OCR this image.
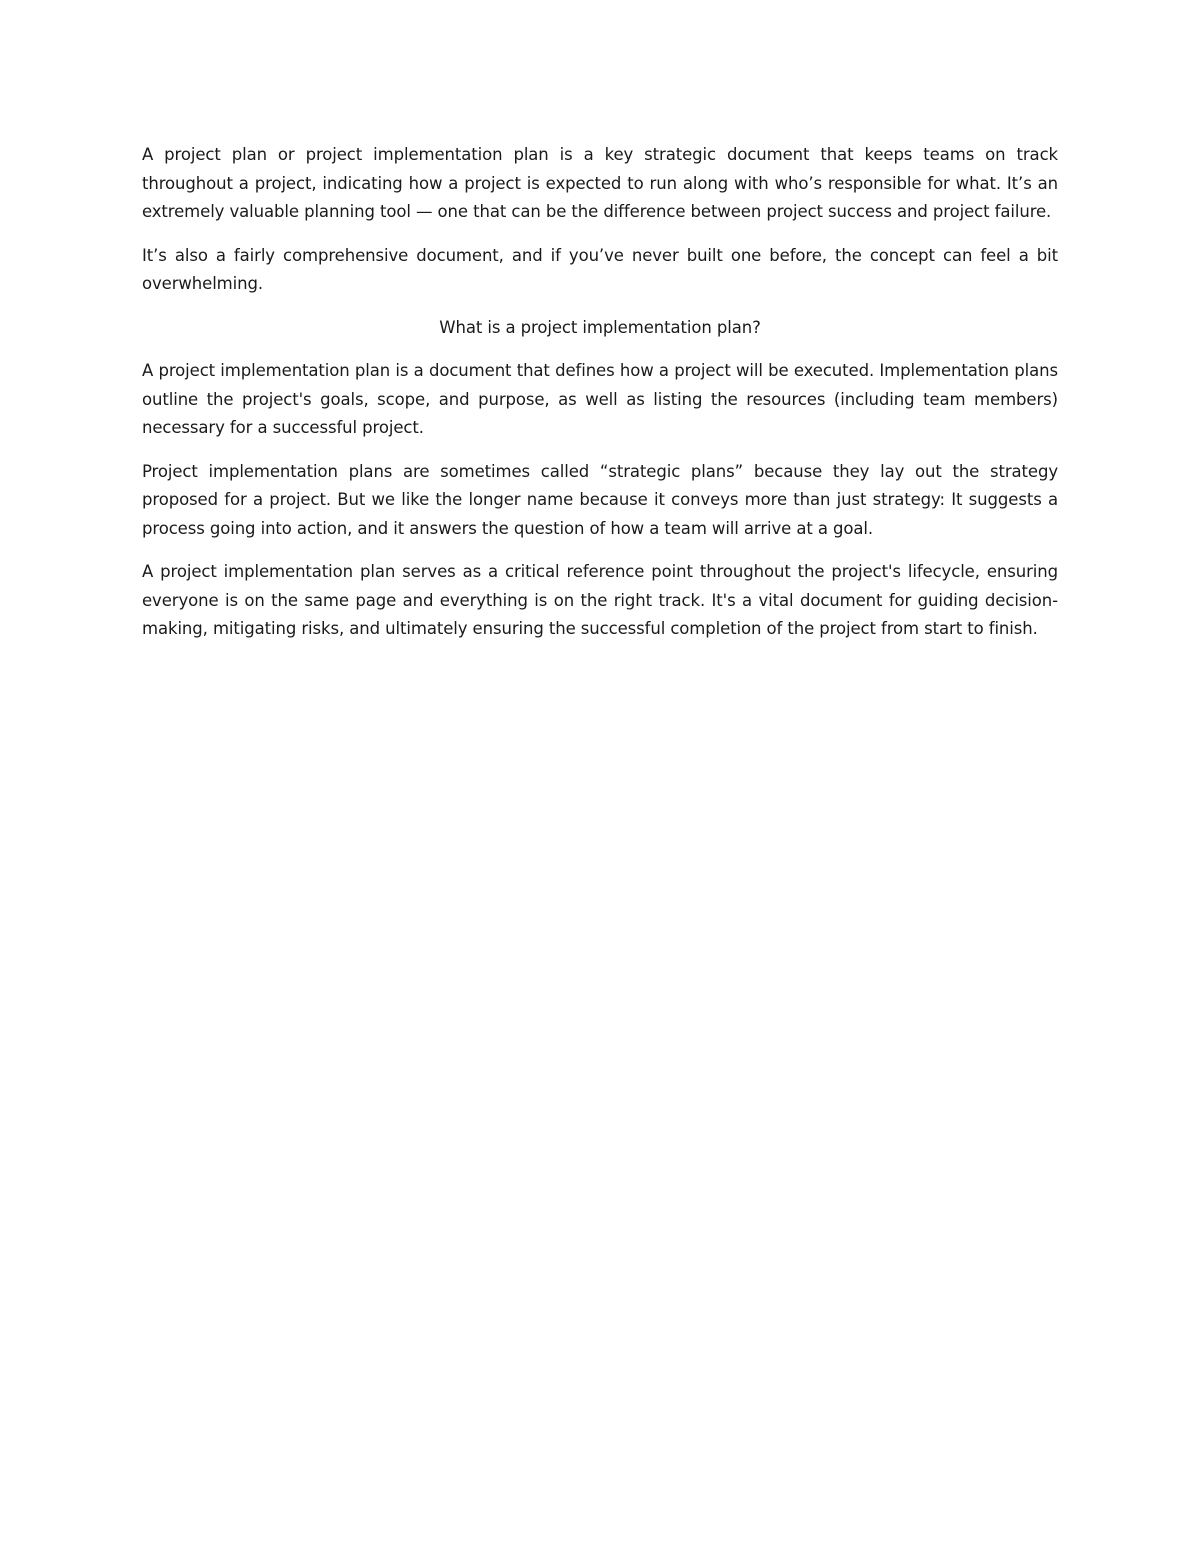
A project plan or project implementation plan is a key strategic document that keeps teams on track throughout a project, indicating how a project is expected to run along with who’s responsible for what. It’s an extremely valuable planning tool — one that can be the difference between project success and project failure.

It’s also a fairly comprehensive document, and if you’ve never built one before, the concept can feel a bit overwhelming.

What is a project implementation plan?

A project implementation plan is a document that defines how a project will be executed. Implementation plans outline the project's goals, scope, and purpose, as well as listing the resources (including team members) necessary for a successful project.

Project implementation plans are sometimes called “strategic plans” because they lay out the strategy proposed for a project. But we like the longer name because it conveys more than just strategy: It suggests a process going into action, and it answers the question of how a team will arrive at a goal.

A project implementation plan serves as a critical reference point throughout the project's lifecycle, ensuring everyone is on the same page and everything is on the right track. It's a vital document for guiding decision-making, mitigating risks, and ultimately ensuring the successful completion of the project from start to finish.
